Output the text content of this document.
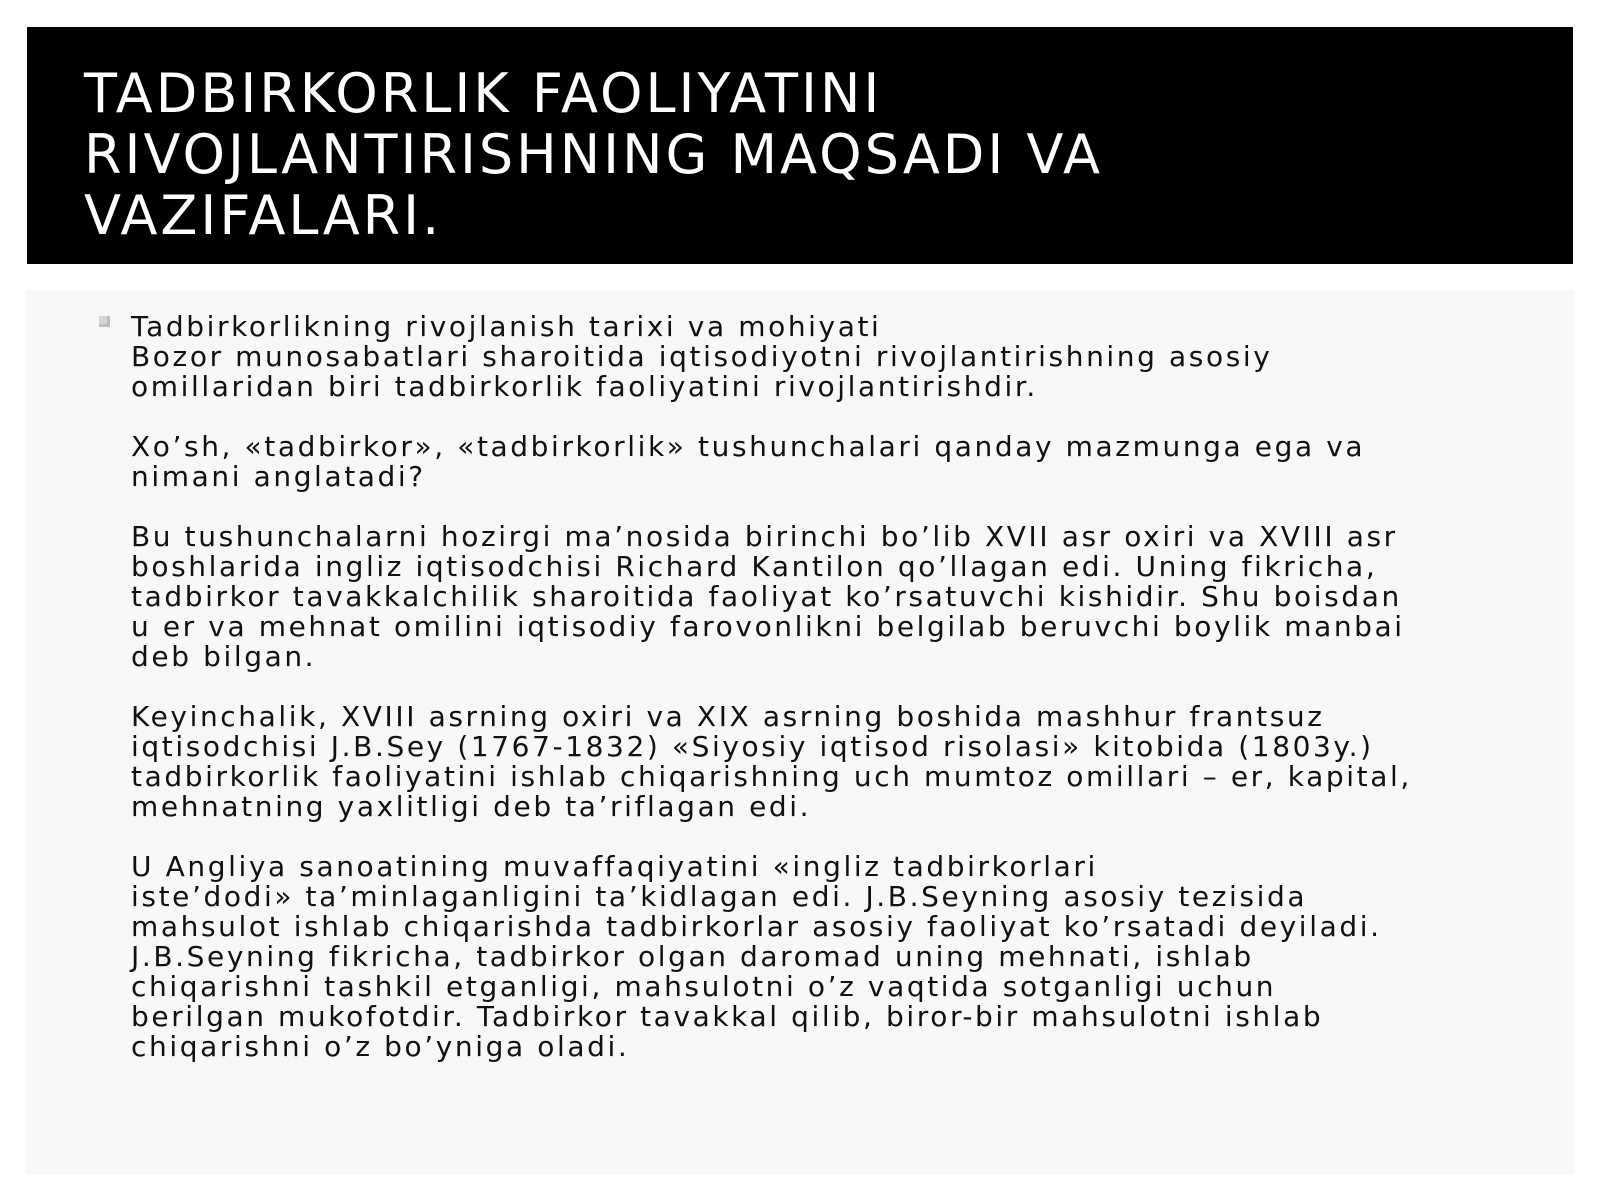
TADBIRKORLIK FAOLIYATINI
RIVOJLANTIRISHNING MAQSADI VA
VAZIFALARI.

Tadbirkorlikning rivojlanish tarixi va mohiyati
Bozor munosabatlari sharoitida iqtisodiyotni rivojlantirishning asosiy
omillaridan biri tadbirkorlik faoliyatini rivojlantirishdir.

Xo’sh, «tadbirkor», «tadbirkorlik» tushunchalari qanday mazmunga ega va
nimani anglatadi?

Bu tushunchalarni hozirgi ma’nosida birinchi bo’lib XVII asr oxiri va XVIII asr
boshlarida ingliz iqtisodchisi Richard Kantilon qo’llagan edi. Uning fikricha,
tadbirkor tavakkalchilik sharoitida faoliyat ko’rsatuvchi kishidir. Shu boisdan
u er va mehnat omilini iqtisodiy farovonlikni belgilab beruvchi boylik manbai
deb bilgan.

Keyinchalik, XVIII asrning oxiri va XIX asrning boshida mashhur frantsuz
iqtisodchisi J.B.Sey (1767-1832) «Siyosiy iqtisod risolasi» kitobida (1803y.)
tadbirkorlik faoliyatini ishlab chiqarishning uch mumtoz omillari – er, kapital,
mehnatning yaxlitligi deb ta’riflagan edi.

U Angliya sanoatining muvaffaqiyatini «ingliz tadbirkorlari
iste’dodi» ta’minlaganligini ta’kidlagan edi. J.B.Seyning asosiy tezisida
mahsulot ishlab chiqarishda tadbirkorlar asosiy faoliyat ko’rsatadi deyiladi.
J.B.Seyning fikricha, tadbirkor olgan daromad uning mehnati, ishlab
chiqarishni tashkil etganligi, mahsulotni o’z vaqtida sotganligi uchun
berilgan mukofotdir. Tadbirkor tavakkal qilib, biror-bir mahsulotni ishlab
chiqarishni o’z bo’yniga oladi.
